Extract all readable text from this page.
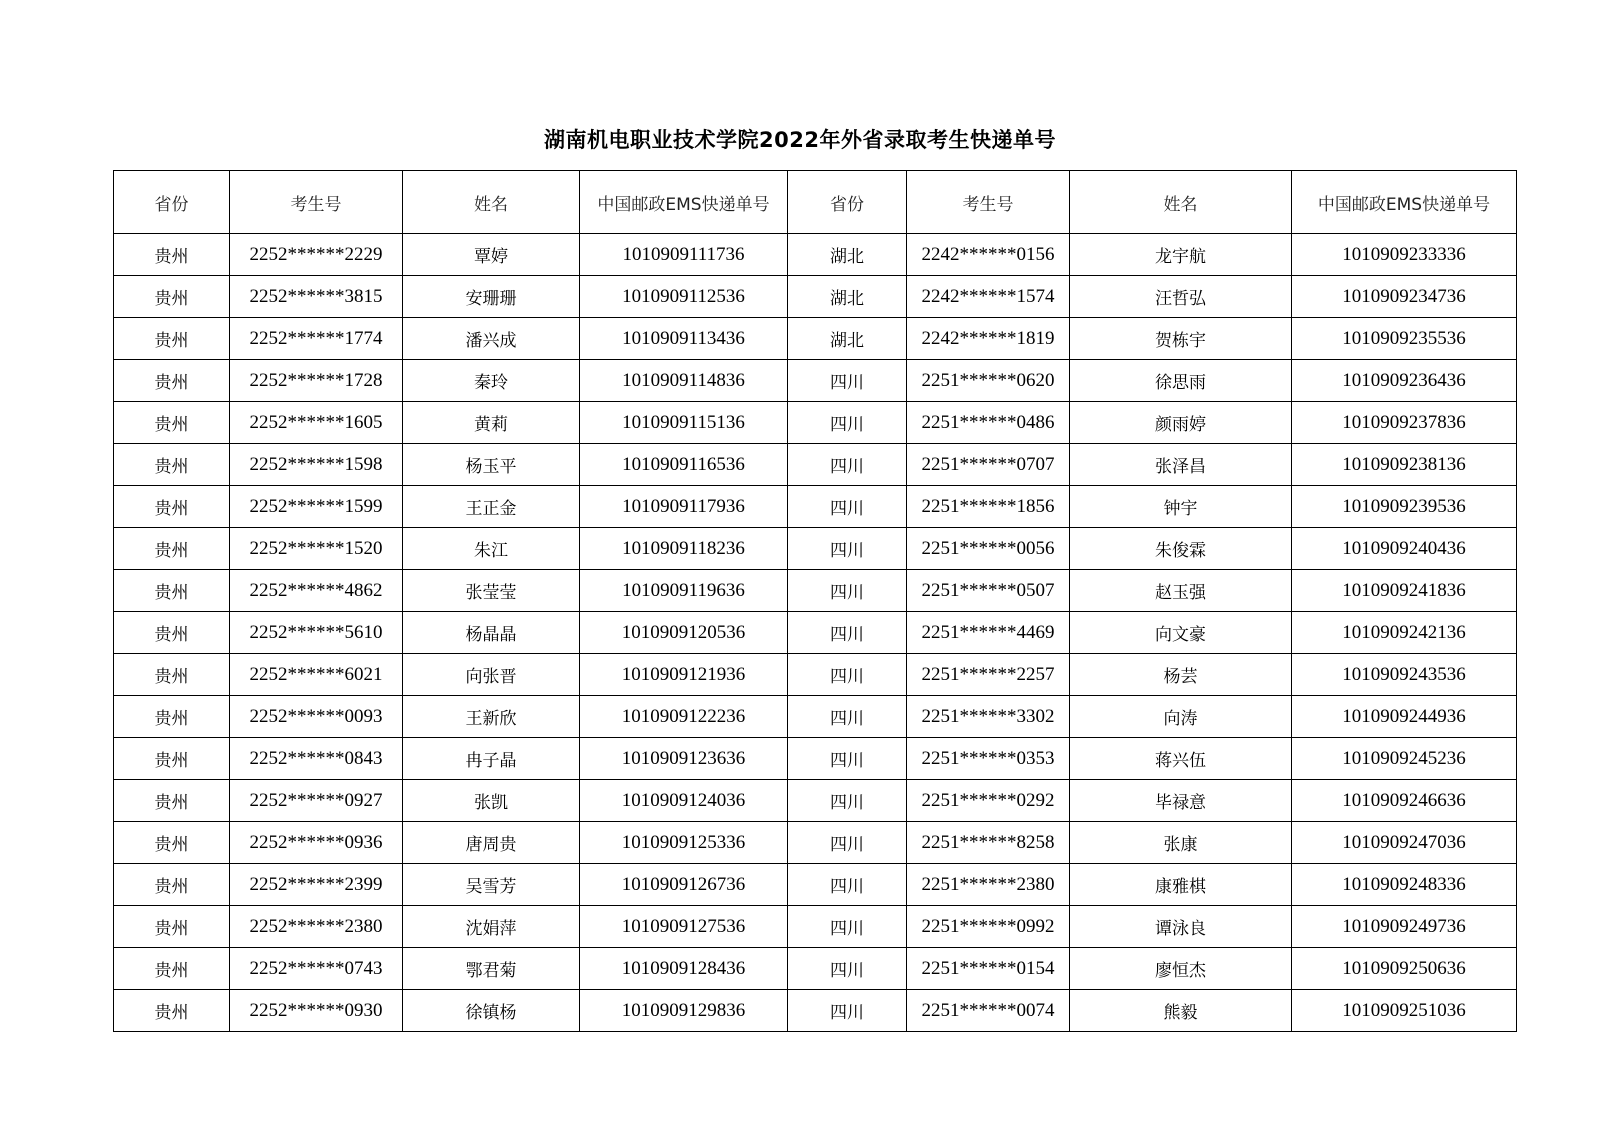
湖南机电职业技术学院2022年外省录取考生快递单号
省份	考生号	姓名	中国邮政EMS快递单号	省份	考生号	姓名	中国邮政EMS快递单号
贵州	2252******2229	覃婷	1010909111736	湖北	2242******0156	龙宇航	1010909233336
贵州	2252******3815	安珊珊	1010909112536	湖北	2242******1574	汪哲弘	1010909234736
贵州	2252******1774	潘兴成	1010909113436	湖北	2242******1819	贺栋宇	1010909235536
贵州	2252******1728	秦玲	1010909114836	四川	2251******0620	徐思雨	1010909236436
贵州	2252******1605	黄莉	1010909115136	四川	2251******0486	颜雨婷	1010909237836
贵州	2252******1598	杨玉平	1010909116536	四川	2251******0707	张泽昌	1010909238136
贵州	2252******1599	王正金	1010909117936	四川	2251******1856	钟宇	1010909239536
贵州	2252******1520	朱江	1010909118236	四川	2251******0056	朱俊霖	1010909240436
贵州	2252******4862	张莹莹	1010909119636	四川	2251******0507	赵玉强	1010909241836
贵州	2252******5610	杨晶晶	1010909120536	四川	2251******4469	向文豪	1010909242136
贵州	2252******6021	向张晋	1010909121936	四川	2251******2257	杨芸	1010909243536
贵州	2252******0093	王新欣	1010909122236	四川	2251******3302	向涛	1010909244936
贵州	2252******0843	冉子晶	1010909123636	四川	2251******0353	蒋兴伍	1010909245236
贵州	2252******0927	张凯	1010909124036	四川	2251******0292	毕禄意	1010909246636
贵州	2252******0936	唐周贵	1010909125336	四川	2251******8258	张康	1010909247036
贵州	2252******2399	吴雪芳	1010909126736	四川	2251******2380	康雅棋	1010909248336
贵州	2252******2380	沈娟萍	1010909127536	四川	2251******0992	谭泳良	1010909249736
贵州	2252******0743	鄂君菊	1010909128436	四川	2251******0154	廖恒杰	1010909250636
贵州	2252******0930	徐镇杨	1010909129836	四川	2251******0074	熊毅	1010909251036
